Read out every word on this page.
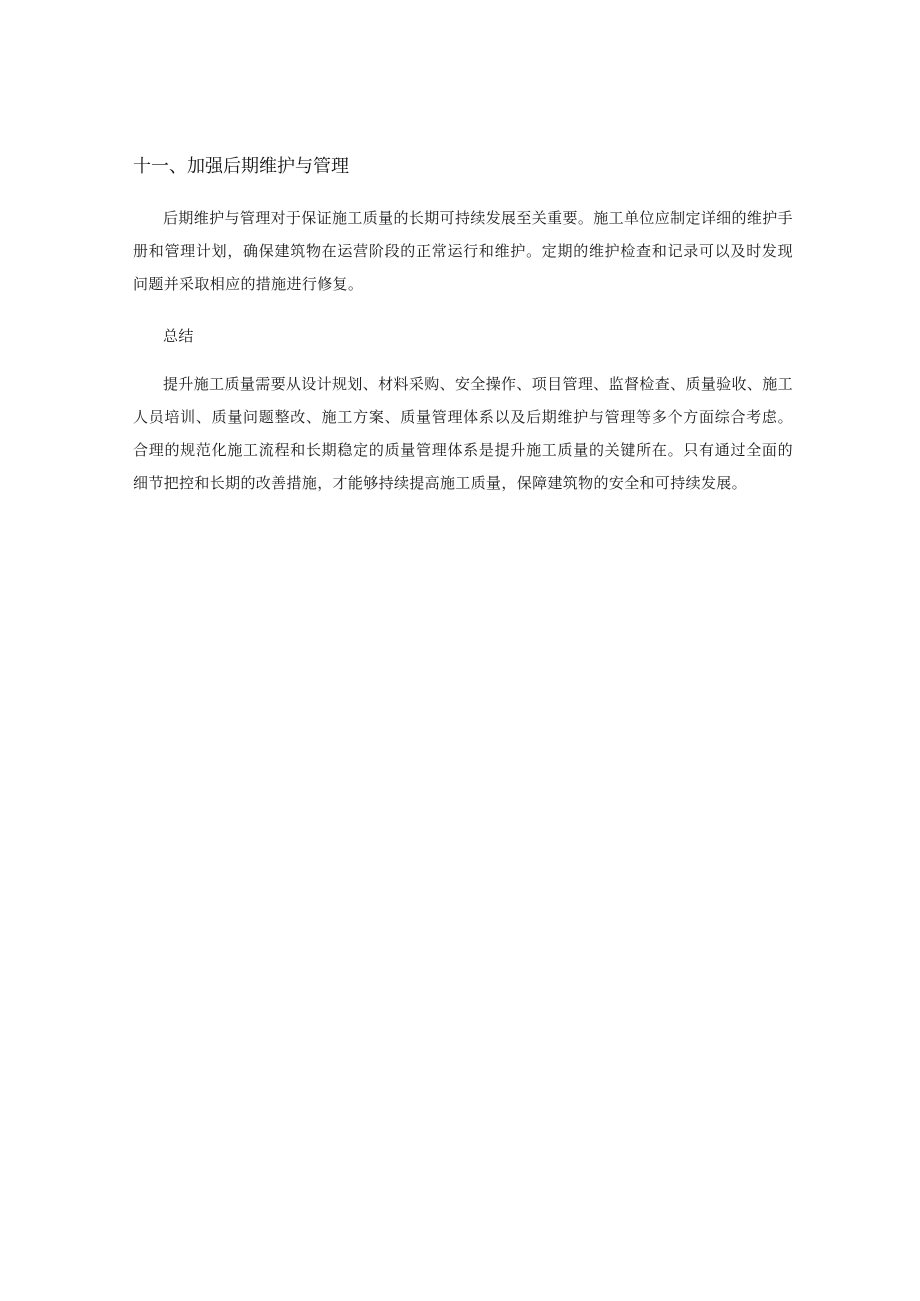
十一、加强后期维护与管理

后期维护与管理对于保证施工质量的长期可持续发展至关重要。施工单位应制定详细的维护手册和管理计划，确保建筑物在运营阶段的正常运行和维护。定期的维护检查和记录可以及时发现问题并采取相应的措施进行修复。

总结

提升施工质量需要从设计规划、材料采购、安全操作、项目管理、监督检查、质量验收、施工人员培训、质量问题整改、施工方案、质量管理体系以及后期维护与管理等多个方面综合考虑。合理的规范化施工流程和长期稳定的质量管理体系是提升施工质量的关键所在。只有通过全面的细节把控和长期的改善措施，才能够持续提高施工质量，保障建筑物的安全和可持续发展。
